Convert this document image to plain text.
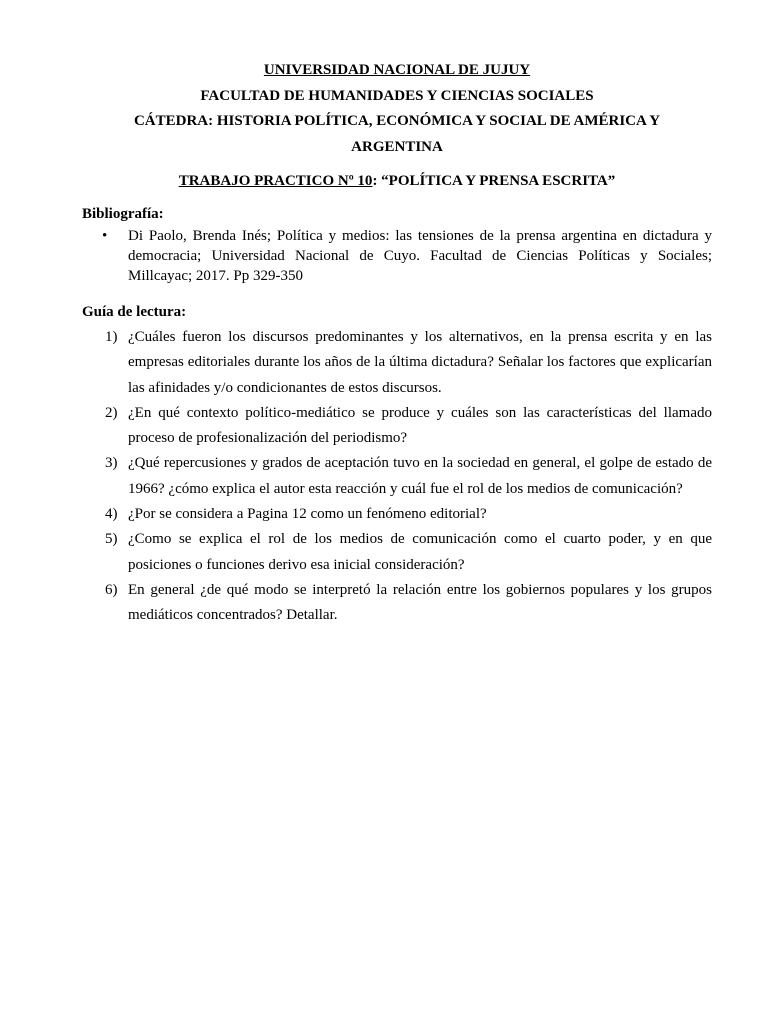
UNIVERSIDAD NACIONAL DE JUJUY
FACULTAD DE HUMANIDADES Y CIENCIAS SOCIALES
CÁTEDRA: HISTORIA POLÍTICA, ECONÓMICA Y SOCIAL DE AMÉRICA Y
ARGENTINA
TRABAJO PRACTICO Nº 10: “POLÍTICA Y PRENSA ESCRITA”
Bibliografía:
• Di Paolo, Brenda Inés; Política y medios: las tensiones de la prensa argentina en dictadura y democracia; Universidad Nacional de Cuyo. Facultad de Ciencias Políticas y Sociales; Millcayac; 2017. Pp 329-350
Guía de lectura:
1) ¿Cuáles fueron los discursos predominantes y los alternativos, en la prensa escrita y en las empresas editoriales durante los años de la última dictadura? Señalar los factores que explicarían las afinidades y/o condicionantes de estos discursos.
2) ¿En qué contexto político-mediático se produce y cuáles son las características del llamado proceso de profesionalización del periodismo?
3) ¿Qué repercusiones y grados de aceptación tuvo en la sociedad en general, el golpe de estado de 1966? ¿cómo explica el autor esta reacción y cuál fue el rol de los medios de comunicación?
4) ¿Por se considera a Pagina 12 como un fenómeno editorial?
5) ¿Como se explica el rol de los medios de comunicación como el cuarto poder, y en que posiciones o funciones derivo esa inicial consideración?
6) En general ¿de qué modo se interpretó la relación entre los gobiernos populares y los grupos mediáticos concentrados? Detallar.
